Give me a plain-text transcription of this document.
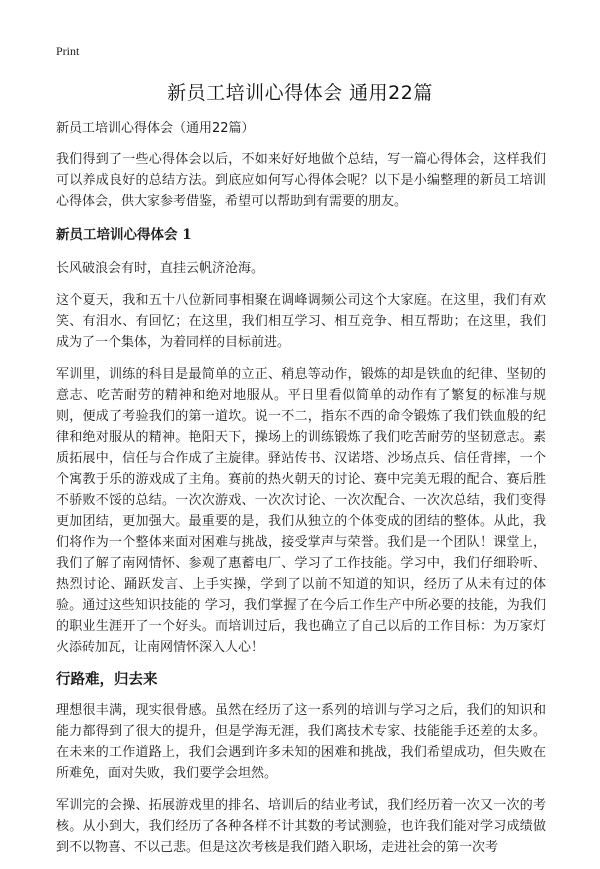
Print
新员工培训心得体会 通用22篇

新员工培训心得体会（通用22篇）

我们得到了一些心得体会以后，不如来好好地做个总结，写一篇心得体会，这样我们可以养成良好的总结方法。到底应如何写心得体会呢？以下是小编整理的新员工培训心得体会，供大家参考借鉴，希望可以帮助到有需要的朋友。

新员工培训心得体会 1

长风破浪会有时，直挂云帆济沧海。

这个夏天，我和五十八位新同事相聚在调峰调频公司这个大家庭。在这里，我们有欢笑、有泪水、有回忆；在这里，我们相互学习、相互竞争、相互帮助；在这里，我们成为了一个集体，为着同样的目标前进。

军训里，训练的科目是最简单的立正、稍息等动作，锻炼的却是铁血的纪律、坚韧的意志、吃苦耐劳的精神和绝对地服从。平日里看似简单的动作有了繁复的标准与规则，便成了考验我们的第一道坎。说一不二，指东不西的命令锻炼了我们铁血般的纪律和绝对服从的精神。艳阳天下，操场上的训练锻炼了我们吃苦耐劳的坚韧意志。素质拓展中，信任与合作成了主旋律。驿站传书、汉诺塔、沙场点兵、信任背摔，一个个寓教于乐的游戏成了主角。赛前的热火朝天的讨论、赛中完美无瑕的配合、赛后胜不骄败不馁的总结。一次次游戏、一次次讨论、一次次配合、一次次总结，我们变得更加团结，更加强大。最重要的是，我们从独立的个体变成的团结的整体。从此，我们将作为一个整体来面对困难与挑战，接受掌声与荣誉。我们是一个团队！课堂上，我们了解了南网情怀、参观了惠蓄电厂、学习了工作技能。学习中，我们仔细聆听、热烈讨论、踊跃发言、上手实操，学到了以前不知道的知识，经历了从未有过的体验。通过这些知识技能的 学习，我们掌握了在今后工作生产中所必要的技能，为我们的职业生涯开了一个好头。而培训过后，我也确立了自己以后的工作目标：为万家灯火添砖加瓦，让南网情怀深入人心！

行路难，归去来

理想很丰满，现实很骨感。虽然在经历了这一系列的培训与学习之后，我们的知识和能力都得到了很大的提升，但是学海无涯，我们离技术专家、技能能手还差的太多。在未来的工作道路上，我们会遇到许多未知的困难和挑战，我们希望成功，但失败在所难免，面对失败，我们要学会坦然。

军训完的会操、拓展游戏里的排名、培训后的结业考试，我们经历着一次又一次的考核。从小到大，我们经历了各种各样不计其数的考试测验，也许我们能对学习成绩做到不以物喜、不以己悲。但是这次考核是我们踏入职场，走进社会的第一次考
